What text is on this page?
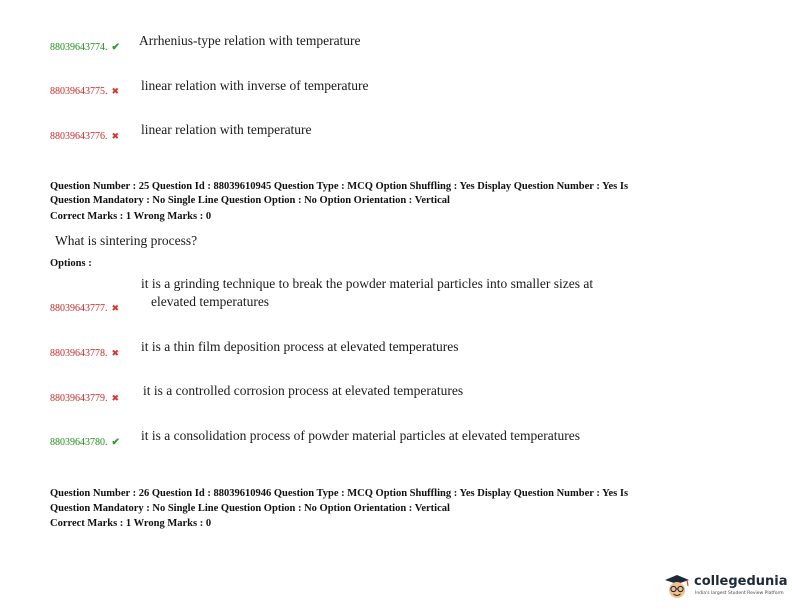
88039643774. ✔ Arrhenius-type relation with temperature
88039643775. ✖ linear relation with inverse of temperature
88039643776. ✖ linear relation with temperature
Question Number : 25 Question Id : 88039610945 Question Type : MCQ Option Shuffling : Yes Display Question Number : Yes Is
Question Mandatory : No Single Line Question Option : No Option Orientation : Vertical
Correct Marks : 1 Wrong Marks : 0
What is sintering process?
Options :
88039643777. ✖
it is a grinding technique to break the powder material particles into smaller sizes at
elevated temperatures
88039643778. ✖ it is a thin film deposition process at elevated temperatures
88039643779. ✖ it is a controlled corrosion process at elevated temperatures
88039643780. ✔ it is a consolidation process of powder material particles at elevated temperatures
Question Number : 26 Question Id : 88039610946 Question Type : MCQ Option Shuffling : Yes Display Question Number : Yes Is
Question Mandatory : No Single Line Question Option : No Option Orientation : Vertical
Correct Marks : 1 Wrong Marks : 0
collegedunia
India's largest Student Review Platform
